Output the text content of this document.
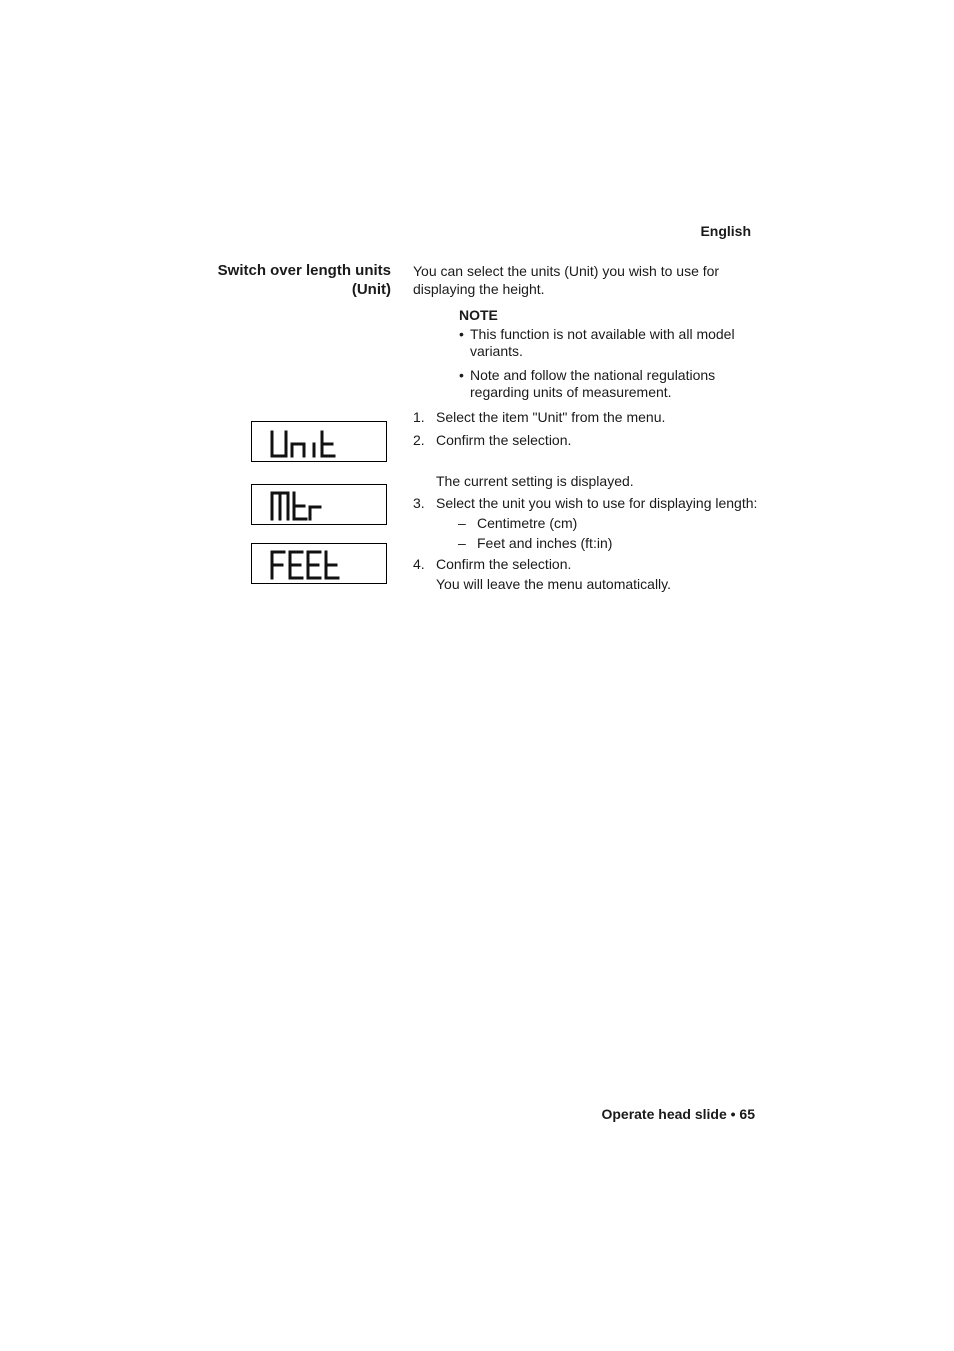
English
Switch over length units (Unit)
You can select the units (Unit) you wish to use for displaying the height.
NOTE
• This function is not available with all model variants.
• Note and follow the national regulations regarding units of measurement.
1. Select the item "Unit" from the menu.
2. Confirm the selection.
The current setting is displayed.
3. Select the unit you wish to use for displaying length:
– Centimetre (cm)
– Feet and inches (ft:in)
4. Confirm the selection.
You will leave the menu automatically.
Operate head slide • 65
